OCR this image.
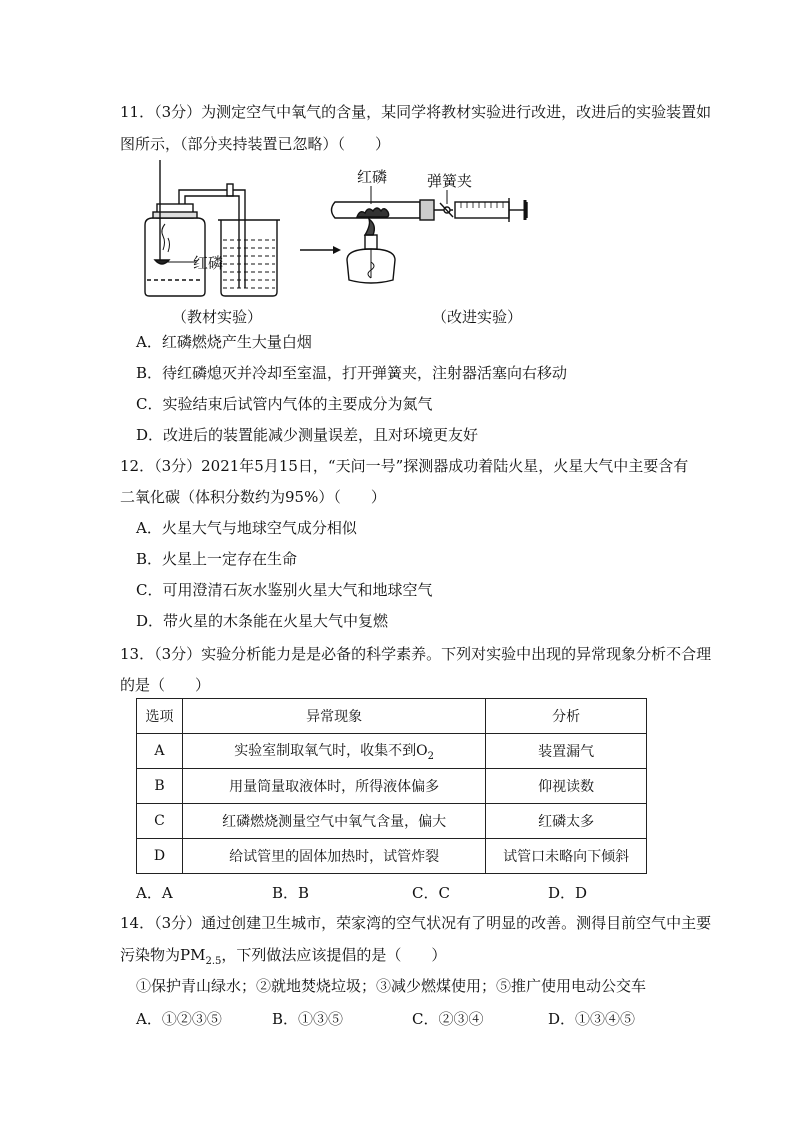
11．（3分）为测定空气中氧气的含量，某同学将教材实验进行改进，改进后的实验装置如
图所示，（部分夹持装置已忽略）（　　）
红磷
红磷	弹簧夹
（教材实验）	（改进实验）
A．红磷燃烧产生大量白烟
B．待红磷熄灭并冷却至室温，打开弹簧夹，注射器活塞向右移动
C．实验结束后试管内气体的主要成分为氮气
D．改进后的装置能减少测量误差，且对环境更友好
12．（3分）2021年5月15日，“天问一号”探测器成功着陆火星，火星大气中主要含有
二氧化碳（体积分数约为95%）（　　）
A．火星大气与地球空气成分相似
B．火星上一定存在生命
C．可用澄清石灰水鉴别火星大气和地球空气
D．带火星的木条能在火星大气中复燃
13．（3分）实验分析能力是是必备的科学素养。下列对实验中出现的异常现象分析不合理
的是（　　）
选项	异常现象	分析
A	实验室制取氧气时，收集不到$O_2$	装置漏气
B	用量筒量取液体时，所得液体偏多	仰视读数
C	红磷燃烧测量空气中氧气含量，偏大	红磷太多
D	给试管里的固体加热时，试管炸裂	试管口未略向下倾斜
A．A	B．B	C．C	D．D
14．（3分）通过创建卫生城市，荣家湾的空气状况有了明显的改善。测得目前空气中主要
污染物为$PM_{2.5}$，下列做法应该提倡的是（　　）
①保护青山绿水；②就地焚烧垃圾；③减少燃煤使用；⑤推广使用电动公交车
A．①②③⑤	B．①③⑤	C．②③④	D．①③④⑤
